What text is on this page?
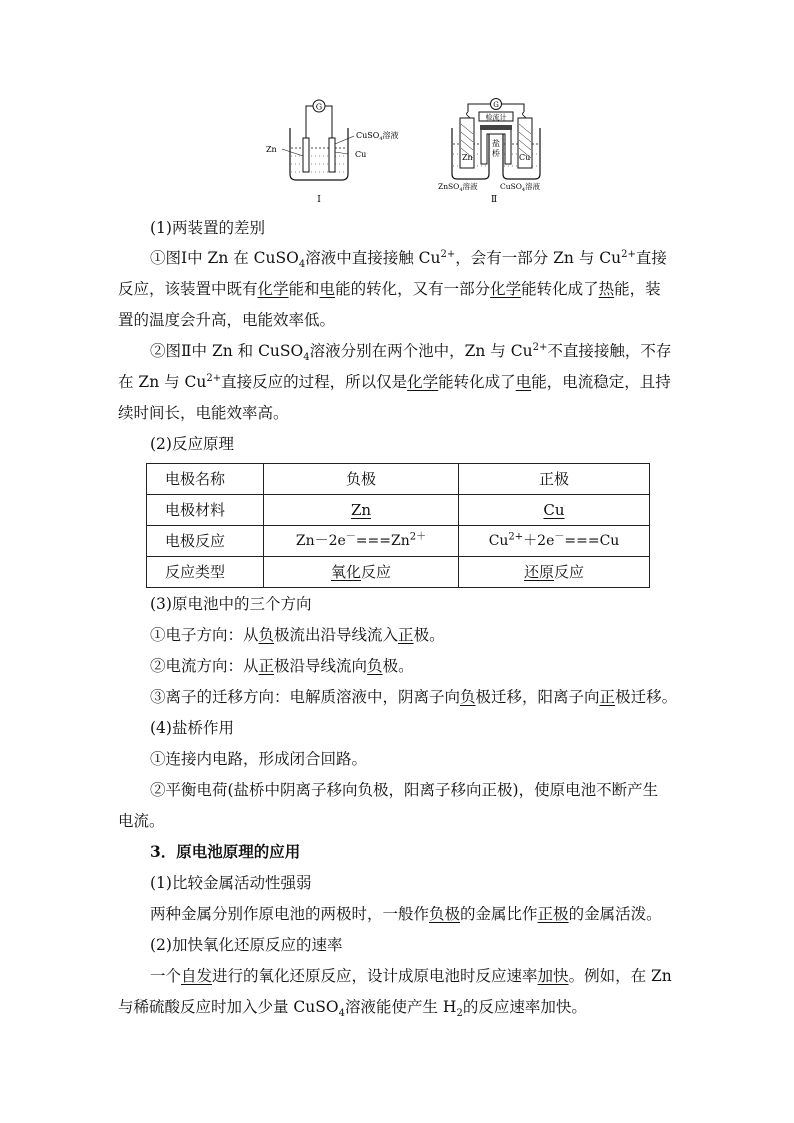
G
Zn
Cu
CuSO$_4$溶液
Ⅰ
G
检流计
Zn	Cu
盐
桥
ZnSO$_4$溶液	CuSO$_4$溶液
Ⅱ
(1)两装置的差别
①图Ⅰ中 Zn 在 CuSO$_4$溶液中直接接触 $Cu^{2+}$，会有一部分 Zn 与 $Cu^{2+}$直接
反应，该装置中既有化学能和电能的转化，又有一部分化学能转化成了热能，装
置的温度会升高，电能效率低。
②图Ⅱ中 Zn 和 CuSO$_4$溶液分别在两个池中，Zn 与 $Cu^{2+}$不直接接触，不存
在 Zn 与 $Cu^{2+}$直接反应的过程，所以仅是化学能转化成了电能，电流稳定，且持
续时间长，电能效率高。
(2)反应原理
电极名称	负极	正极
电极材料	Zn	Cu
电极反应	$Zn-2e^-===Zn^{2+}$	$Cu^{2+}+2e^-===Cu$
反应类型	氧化反应	还原反应
(3)原电池中的三个方向
①电子方向：从负极流出沿导线流入正极。
②电流方向：从正极沿导线流向负极。
③离子的迁移方向：电解质溶液中，阴离子向负极迁移，阳离子向正极迁移。
(4)盐桥作用
①连接内电路，形成闭合回路。
②平衡电荷(盐桥中阴离子移向负极，阳离子移向正极)，使原电池不断产生
电流。
3．原电池原理的应用
(1)比较金属活动性强弱
两种金属分别作原电池的两极时，一般作负极的金属比作正极的金属活泼。
(2)加快氧化还原反应的速率
一个自发进行的氧化还原反应，设计成原电池时反应速率加快。例如，在 Zn
与稀硫酸反应时加入少量 CuSO$_4$溶液能使产生 $H_2$的反应速率加快。
